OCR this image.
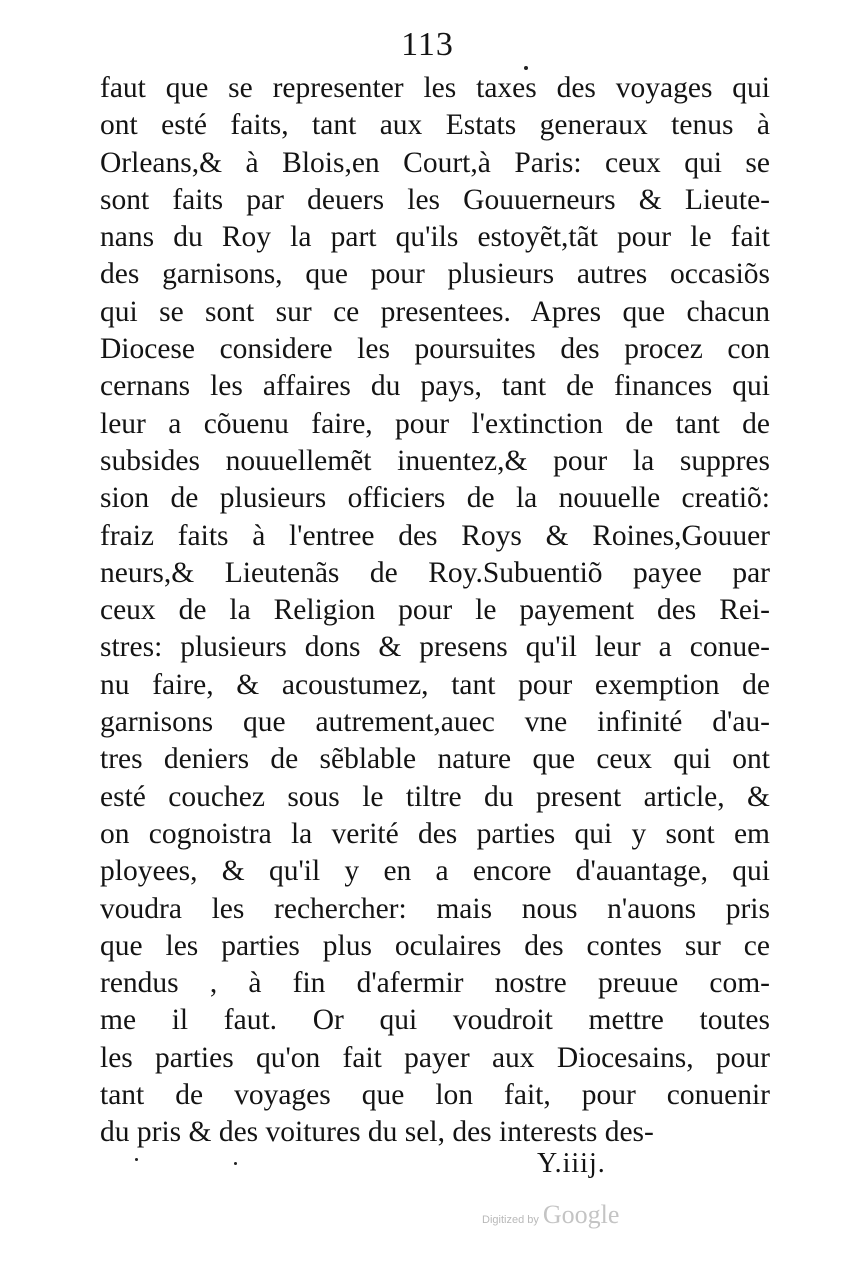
113
faut que se representer les taxes des voyages qui
ont esté faits, tant aux Estats generaux tenus à
Orleans,& à Blois,en Court,à Paris: ceux qui se
sont faits par deuers les Gouuerneurs & Lieute-
nans du Roy la part qu'ils estoyẽt,tãt pour le fait
des garnisons, que pour plusieurs autres occasiõs
qui se sont sur ce presentees. Apres que chacun
Diocese considere les poursuites des procez con
cernans les affaires du pays, tant de finances qui
leur a cõuenu faire, pour l'extinction de tant de
subsides nouuellemẽt inuentez,& pour la suppres
sion de plusieurs officiers de la nouuelle creatiõ:
fraiz faits à l'entree des Roys & Roines,Gouuer
neurs,& Lieutenãs de Roy.Subuentiõ payee par
ceux de la Religion pour le payement des Rei-
stres: plusieurs dons & presens qu'il leur a conue-
nu faire, & acoustumez, tant pour exemption de
garnisons que autrement,auec vne infinité d'au-
tres deniers de sẽblable nature que ceux qui ont
esté couchez sous le tiltre du present article, &
on cognoistra la verité des parties qui y sont em
ployees, & qu'il y en a encore d'auantage, qui
voudra les rechercher: mais nous n'auons pris
que les parties plus oculaires des contes sur ce
rendus , à fin d'afermir nostre preuue com-
me il faut. Or qui voudroit mettre toutes
les parties qu'on fait payer aux Diocesains, pour
tant de voyages que lon fait, pour conuenir
du pris & des voitures du sel, des interests des-
Y.iiij.
Digitized by Google
